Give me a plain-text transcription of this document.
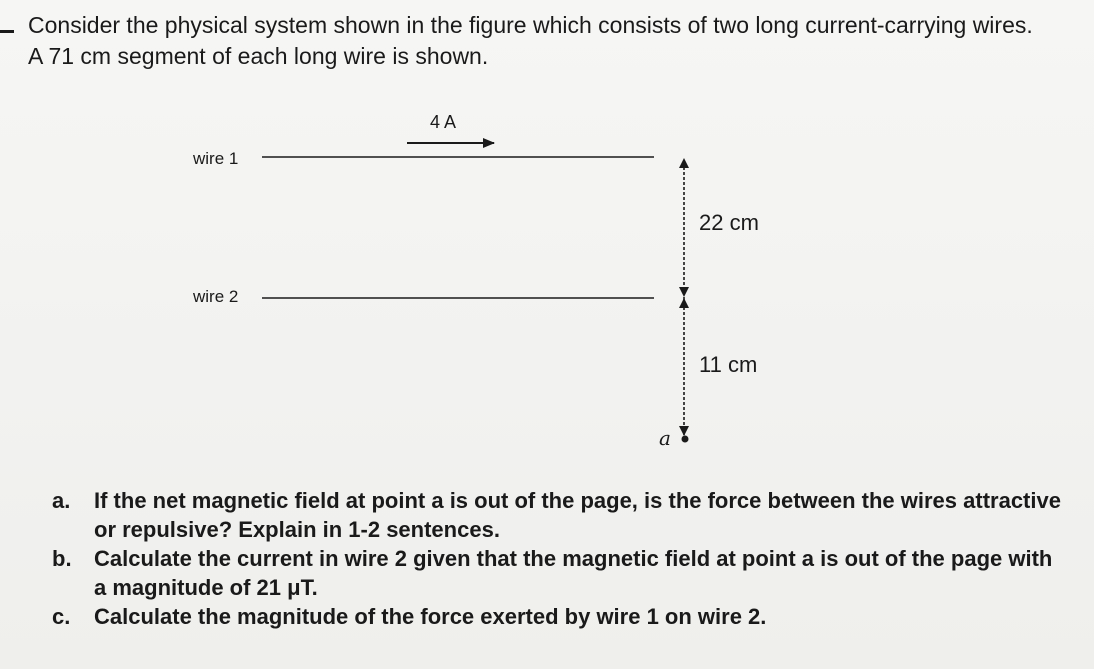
Consider the physical system shown in the figure which consists of two long current-carrying wires. A 71 cm segment of each long wire is shown.

wire 1
wire 2
4 A
22 cm
11 cm
a
a. If the net magnetic field at point a is out of the page, is the force between the wires attractive or repulsive? Explain in 1-2 sentences.
b. Calculate the current in wire 2 given that the magnetic field at point a is out of the page with a magnitude of 21 μT.
c. Calculate the magnitude of the force exerted by wire 1 on wire 2.
